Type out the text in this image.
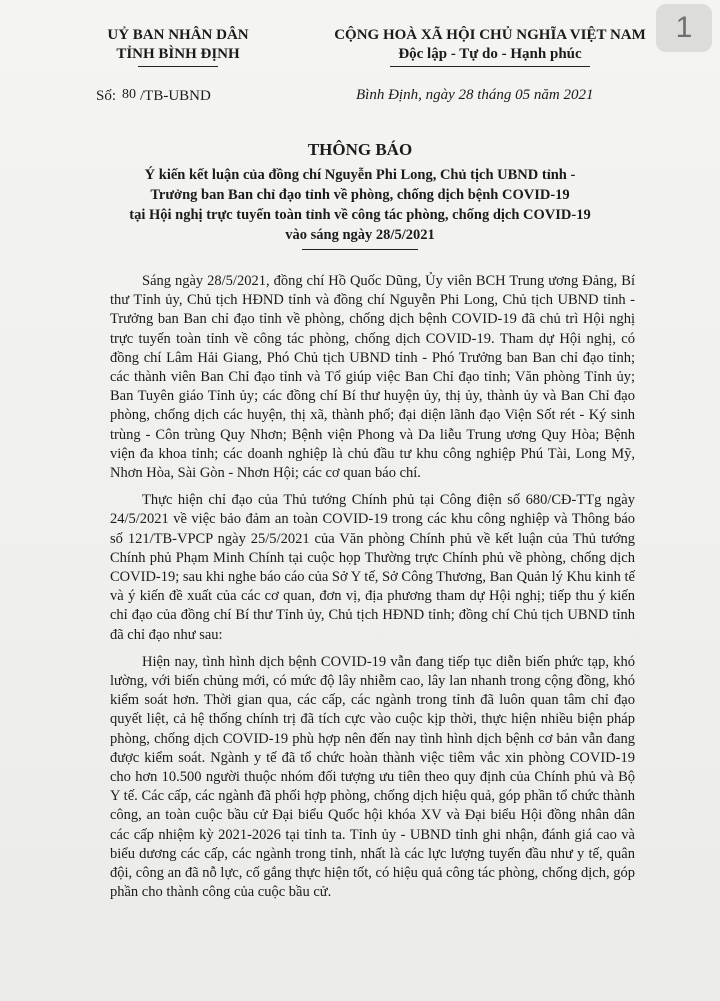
1
UỶ BAN NHÂN DÂN
TỈNH BÌNH ĐỊNH
CỘNG HOÀ XÃ HỘI CHỦ NGHĨA VIỆT NAM
Độc lập - Tự do - Hạnh phúc
Số: 80 /TB-UBND	Bình Định, ngày 28 tháng 05 năm 2021
THÔNG BÁO
Ý kiến kết luận của đồng chí Nguyễn Phi Long, Chủ tịch UBND tỉnh -
Trưởng ban Ban chỉ đạo tỉnh về phòng, chống dịch bệnh COVID-19
tại Hội nghị trực tuyến toàn tỉnh về công tác phòng, chống dịch COVID-19
vào sáng ngày 28/5/2021

Sáng ngày 28/5/2021, đồng chí Hồ Quốc Dũng, Ủy viên BCH Trung ương Đảng, Bí thư Tỉnh ủy, Chủ tịch HĐND tỉnh và đồng chí Nguyễn Phi Long, Chủ tịch UBND tỉnh - Trưởng ban Ban chỉ đạo tỉnh về phòng, chống dịch bệnh COVID-19 đã chủ trì Hội nghị trực tuyến toàn tỉnh về công tác phòng, chống dịch COVID-19. Tham dự Hội nghị, có đồng chí Lâm Hải Giang, Phó Chủ tịch UBND tỉnh - Phó Trưởng ban Ban chỉ đạo tỉnh; các thành viên Ban Chỉ đạo tỉnh và Tổ giúp việc Ban Chỉ đạo tỉnh; Văn phòng Tỉnh ủy; Ban Tuyên giáo Tỉnh ủy; các đồng chí Bí thư huyện ủy, thị ủy, thành ủy và Ban Chỉ đạo phòng, chống dịch các huyện, thị xã, thành phố; đại diện lãnh đạo Viện Sốt rét - Ký sinh trùng - Côn trùng Quy Nhơn; Bệnh viện Phong và Da liễu Trung ương Quy Hòa; Bệnh viện đa khoa tỉnh; các doanh nghiệp là chủ đầu tư khu công nghiệp Phú Tài, Long Mỹ, Nhơn Hòa, Sài Gòn - Nhơn Hội; các cơ quan báo chí.

Thực hiện chỉ đạo của Thủ tướng Chính phủ tại Công điện số 680/CĐ-TTg ngày 24/5/2021 về việc bảo đảm an toàn COVID-19 trong các khu công nghiệp và Thông báo số 121/TB-VPCP ngày 25/5/2021 của Văn phòng Chính phủ về kết luận của Thủ tướng Chính phủ Phạm Minh Chính tại cuộc họp Thường trực Chính phủ về phòng, chống dịch COVID-19; sau khi nghe báo cáo của Sở Y tế, Sở Công Thương, Ban Quản lý Khu kinh tế và ý kiến đề xuất của các cơ quan, đơn vị, địa phương tham dự Hội nghị; tiếp thu ý kiến chỉ đạo của đồng chí Bí thư Tỉnh ủy, Chủ tịch HĐND tỉnh; đồng chí Chủ tịch UBND tỉnh đã chỉ đạo như sau:

Hiện nay, tình hình dịch bệnh COVID-19 vẫn đang tiếp tục diễn biến phức tạp, khó lường, với biến chủng mới, có mức độ lây nhiễm cao, lây lan nhanh trong cộng đồng, khó kiểm soát hơn. Thời gian qua, các cấp, các ngành trong tỉnh đã luôn quan tâm chỉ đạo quyết liệt, cả hệ thống chính trị đã tích cực vào cuộc kịp thời, thực hiện nhiều biện pháp phòng, chống dịch COVID-19 phù hợp nên đến nay tình hình dịch bệnh cơ bản vẫn đang được kiểm soát. Ngành y tế đã tổ chức hoàn thành việc tiêm vắc xin phòng COVID-19 cho hơn 10.500 người thuộc nhóm đối tượng ưu tiên theo quy định của Chính phủ và Bộ Y tế. Các cấp, các ngành đã phối hợp phòng, chống dịch hiệu quả, góp phần tổ chức thành công, an toàn cuộc bầu cử Đại biểu Quốc hội khóa XV và Đại biểu Hội đồng nhân dân các cấp nhiệm kỳ 2021-2026 tại tỉnh ta. Tỉnh ủy - UBND tỉnh ghi nhận, đánh giá cao và biểu dương các cấp, các ngành trong tỉnh, nhất là các lực lượng tuyến đầu như y tế, quân đội, công an đã nỗ lực, cố gắng thực hiện tốt, có hiệu quả công tác phòng, chống dịch, góp phần cho thành công của cuộc bầu cử.
